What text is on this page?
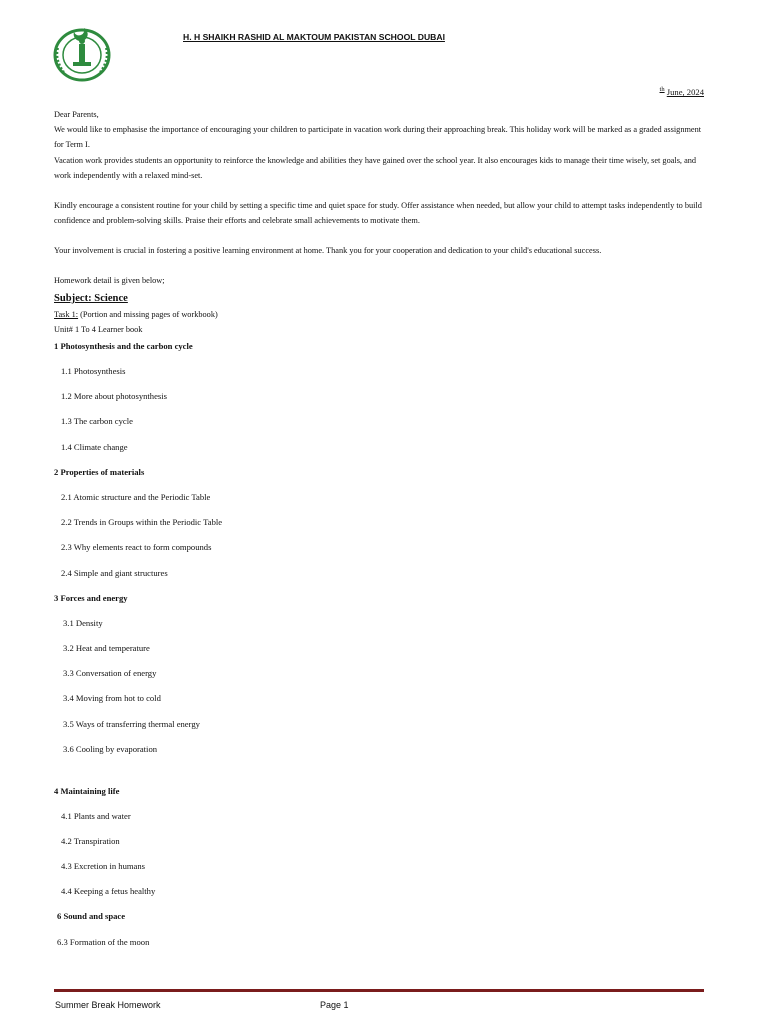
H. H SHAIKH RASHID AL MAKTOUM PAKISTAN SCHOOL DUBAI
$^{th}$ June, 2024
Dear Parents,
We would like to emphasise the importance of encouraging your children to participate in vacation work during their approaching break. This holiday work will be marked as a graded assignment for Term I.
Vacation work provides students an opportunity to reinforce the knowledge and abilities they have gained over the school year. It also encourages kids to manage their time wisely, set goals, and work independently with a relaxed mind-set.
Kindly encourage a consistent routine for your child by setting a specific time and quiet space for study. Offer assistance when needed, but allow your child to attempt tasks independently to build confidence and problem-solving skills. Praise their efforts and celebrate small achievements to motivate them.
Your involvement is crucial in fostering a positive learning environment at home. Thank you for your cooperation and dedication to your child's educational success.
Homework detail is given below;
Subject: Science
Task 1: (Portion and missing pages of workbook)
Unit# 1 To 4 Learner book
1 Photosynthesis and the carbon cycle
1.1 Photosynthesis
1.2 More about photosynthesis
1.3 The carbon cycle
1.4 Climate change
2 Properties of materials
2.1 Atomic structure and the Periodic Table
2.2 Trends in Groups within the Periodic Table
2.3 Why elements react to form compounds
2.4 Simple and giant structures
3 Forces and energy
3.1 Density
3.2 Heat and temperature
3.3 Conversation of energy
3.4 Moving from hot to cold
3.5 Ways of transferring thermal energy
3.6 Cooling by evaporation
4 Maintaining life
4.1 Plants and water
4.2 Transpiration
4.3 Excretion in humans
4.4 Keeping a fetus healthy
6 Sound and space
6.3 Formation of the moon
Summer Break Homework	Page 1
